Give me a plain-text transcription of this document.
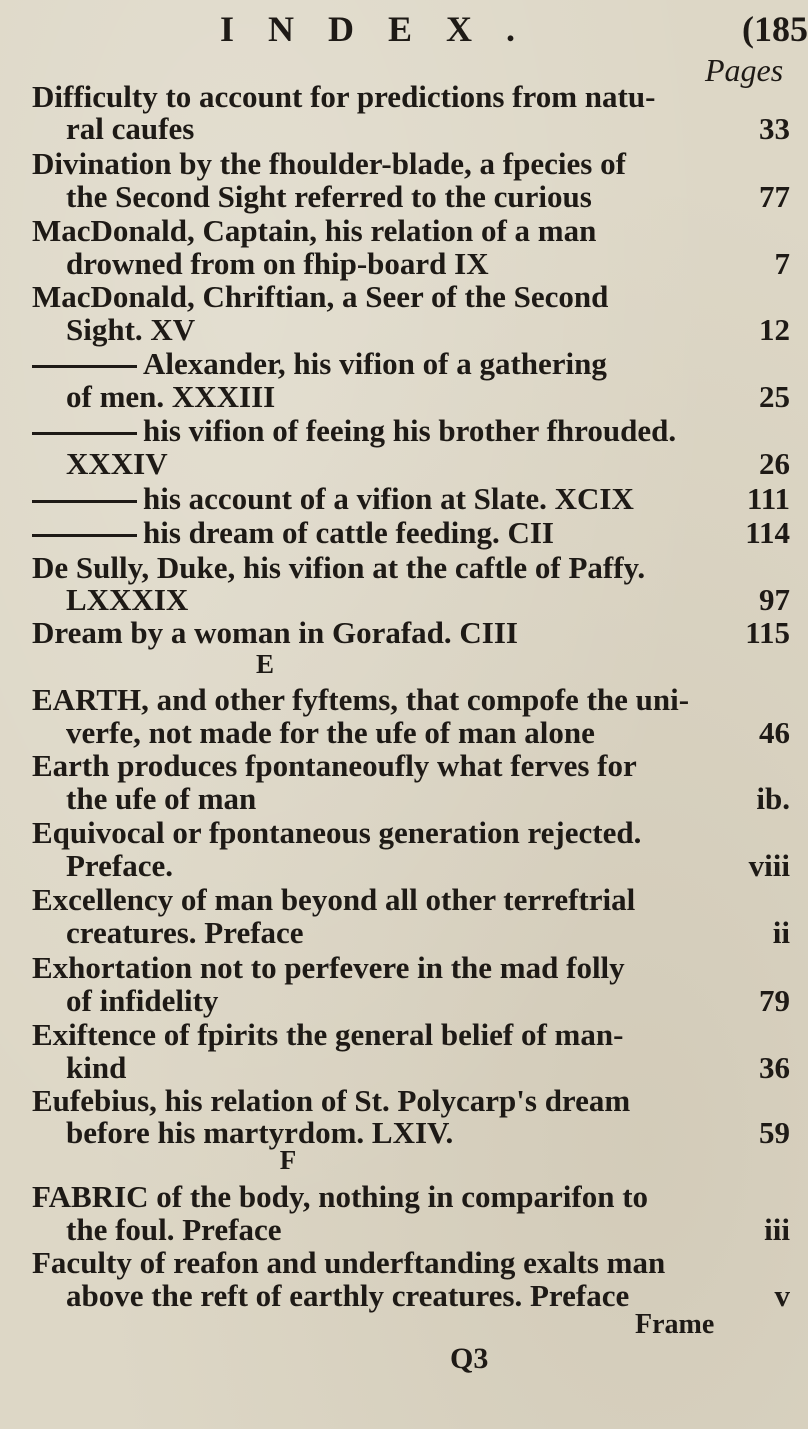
INDEX.	(185
Pages
Difficulty to account for predictions from natu-
ral caufes	33
Divination by the fhoulder-blade, a fpecies of
the Second Sight referred to the curious	77
MacDonald, Captain, his relation of a man
drowned from on fhip-board IX	7
MacDonald, Chriftian, a Seer of the Second
Sight. XV	12
Alexander, his vifion of a gathering
of men. XXXIII	25
his vifion of feeing his brother fhrouded.
XXXIV	26
his account of a vifion at Slate. XCIX	111
his dream of cattle feeding. CII	114
De Sully, Duke, his vifion at the caftle of Paffy.
LXXXIX	97
Dream by a woman in Gorafad. CIII	115
E
EARTH, and other fyftems, that compofe the uni-
verfe, not made for the ufe of man alone	46
Earth produces fpontaneoufly what ferves for
the ufe of man	ib.
Equivocal or fpontaneous generation rejected.
Preface.	viii
Excellency of man beyond all other terreftrial
creatures. Preface	ii
Exhortation not to perfevere in the mad folly
of infidelity	79
Exiftence of fpirits the general belief of man-
kind	36
Eufebius, his relation of St. Polycarp's dream
before his martyrdom. LXIV.	59
F
FABRIC of the body, nothing in comparifon to
the foul. Preface	iii
Faculty of reafon and underftanding exalts man
above the reft of earthly creatures. Preface	v
Frame
Q3
